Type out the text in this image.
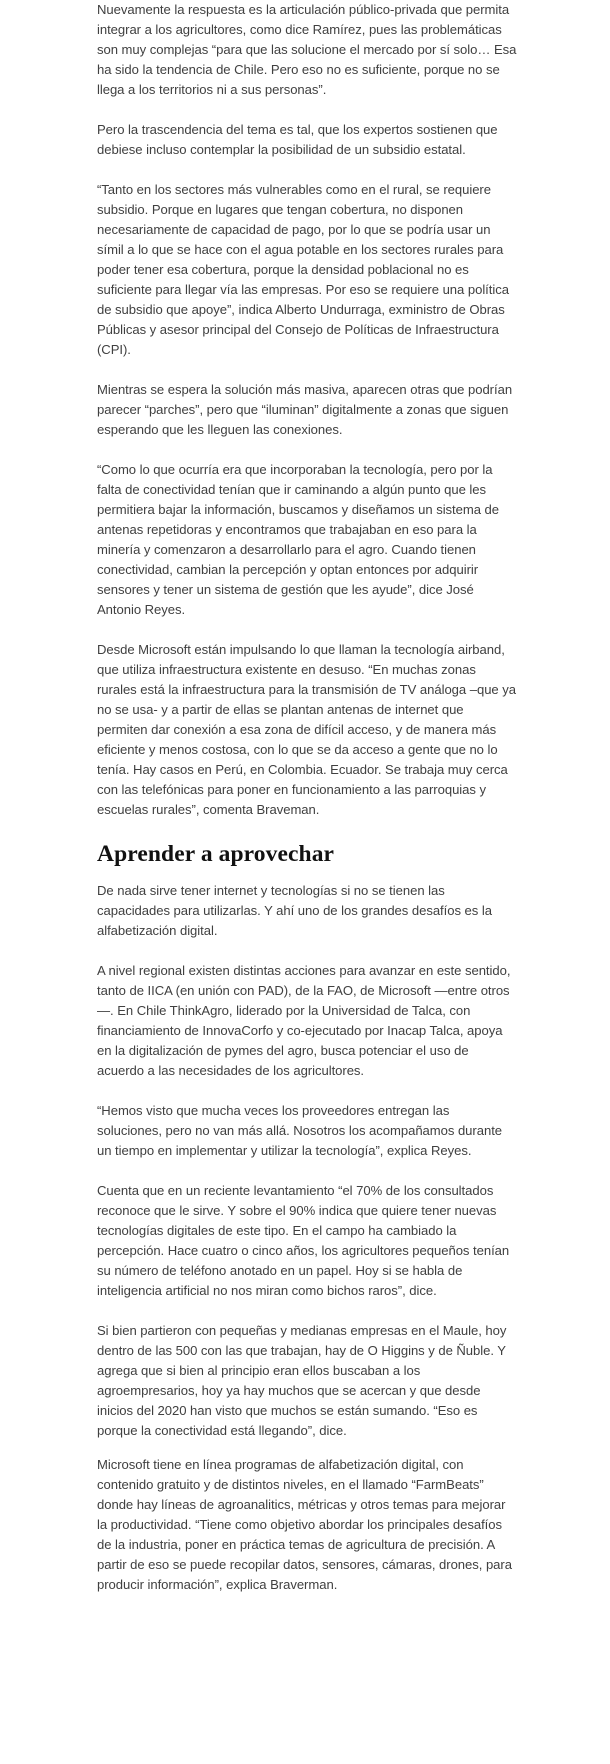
Nuevamente la respuesta es la articulación público-privada que permita integrar a los agricultores, como dice Ramírez, pues las problemáticas son muy complejas “para que las solucione el mercado por sí solo… Esa ha sido la tendencia de Chile. Pero eso no es suficiente, porque no se llega a los territorios ni a sus personas”.

Pero la trascendencia del tema es tal, que los expertos sostienen que debiese incluso contemplar la posibilidad de un subsidio estatal.

“Tanto en los sectores más vulnerables como en el rural, se requiere subsidio. Porque en lugares que tengan cobertura, no disponen necesariamente de capacidad de pago, por lo que se podría usar un símil a lo que se hace con el agua potable en los sectores rurales para poder tener esa cobertura, porque la densidad poblacional no es suficiente para llegar vía las empresas. Por eso se requiere una política de subsidio que apoye”, indica Alberto Undurraga, exministro de Obras Públicas y asesor principal del Consejo de Políticas de Infraestructura (CPI).

Mientras se espera la solución más masiva, aparecen otras que podrían parecer “parches”, pero que “iluminan” digitalmente a zonas que siguen esperando que les lleguen las conexiones.

“Como lo que ocurría era que incorporaban la tecnología, pero por la falta de conectividad tenían que ir caminando a algún punto que les permitiera bajar la información, buscamos y diseñamos un sistema de antenas repetidoras y encontramos que trabajaban en eso para la minería y comenzaron a desarrollarlo para el agro. Cuando tienen conectividad, cambian la percepción y optan entonces por adquirir sensores y tener un sistema de gestión que les ayude”, dice José Antonio Reyes.

Desde Microsoft están impulsando lo que llaman la tecnología airband, que utiliza infraestructura existente en desuso. “En muchas zonas rurales está la infraestructura para la transmisión de TV análoga –que ya no se usa- y a partir de ellas se plantan antenas de internet que permiten dar conexión a esa zona de difícil acceso, y de manera más eficiente y menos costosa, con lo que se da acceso a gente que no lo tenía. Hay casos en Perú, en Colombia. Ecuador. Se trabaja muy cerca con las telefónicas para poner en funcionamiento a las parroquias y escuelas rurales”, comenta Braveman.

Aprender a aprovechar

De nada sirve tener internet y tecnologías si no se tienen las capacidades para utilizarlas. Y ahí uno de los grandes desafíos es la alfabetización digital.

A nivel regional existen distintas acciones para avanzar en este sentido, tanto de IICA (en unión con PAD), de la FAO, de Microsoft —entre otros—. En Chile ThinkAgro, liderado por la Universidad de Talca, con financiamiento de InnovaCorfo y co-ejecutado por Inacap Talca, apoya en la digitalización de pymes del agro, busca potenciar el uso de acuerdo a las necesidades de los agricultores.

“Hemos visto que mucha veces los proveedores entregan las soluciones, pero no van más allá. Nosotros los acompañamos durante un tiempo en implementar y utilizar la tecnología”, explica Reyes.

Cuenta que en un reciente levantamiento “el 70% de los consultados reconoce que le sirve. Y sobre el 90% indica que quiere tener nuevas tecnologías digitales de este tipo. En el campo ha cambiado la percepción. Hace cuatro o cinco años, los agricultores pequeños tenían su número de teléfono anotado en un papel. Hoy si se habla de inteligencia artificial no nos miran como bichos raros”, dice.

Si bien partieron con pequeñas y medianas empresas en el Maule, hoy dentro de las 500 con las que trabajan, hay de O Higgins y de Ñuble. Y agrega que si bien al principio eran ellos buscaban a los agroempresarios, hoy ya hay muchos que se acercan y que desde inicios del 2020 han visto que muchos se están sumando. “Eso es porque la conectividad está llegando”, dice.

Microsoft tiene en línea programas de alfabetización digital, con contenido gratuito y de distintos niveles, en el llamado “FarmBeats” donde hay líneas de agroanalitics, métricas y otros temas para mejorar la productividad. “Tiene como objetivo abordar los principales desafíos de la industria, poner en práctica temas de agricultura de precisión. A partir de eso se puede recopilar datos, sensores, cámaras, drones, para producir información”, explica Braverman.
